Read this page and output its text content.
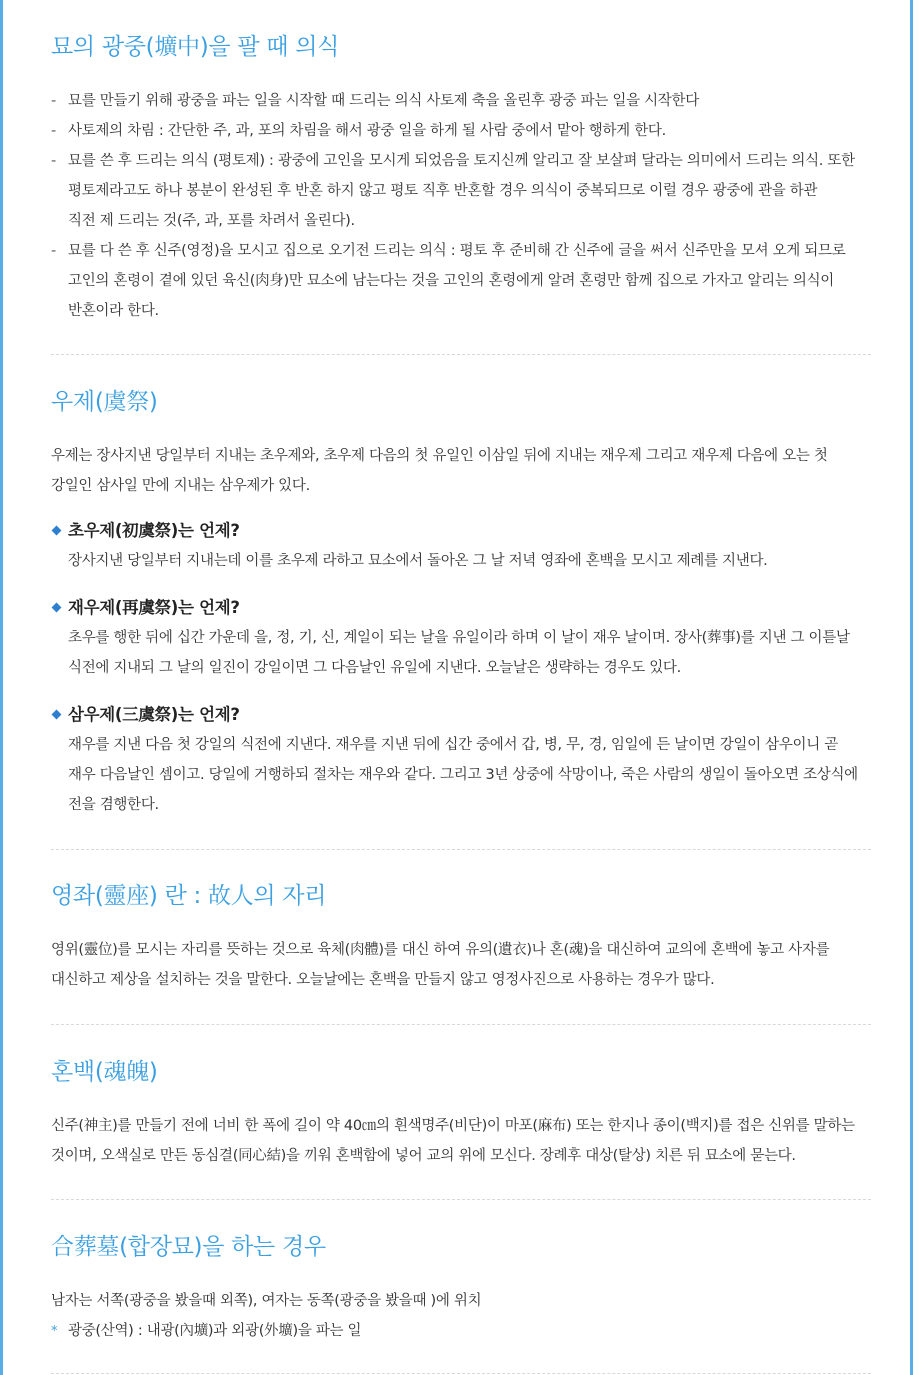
묘의 광중(壙中)을 팔 때 의식
- 묘를 만들기 위해 광중을 파는 일을 시작할 때 드리는 의식 사토제 축을 올린후 광중 파는 일을 시작한다
- 사토제의 차림 : 간단한 주, 과, 포의 차림을 해서 광중 일을 하게 될 사람 중에서 맡아 행하게 한다.
- 묘를 쓴 후 드리는 의식 (평토제) : 광중에 고인을 모시게 되었음을 토지신께 알리고 잘 보살펴 달라는 의미에서 드리는 의식. 또한
평토제라고도 하나 봉분이 완성된 후 반혼 하지 않고 평토 직후 반혼할 경우 의식이 중복되므로 이럴 경우 광중에 관을 하관
직전 제 드리는 것(주, 과, 포를 차려서 올린다).
- 묘를 다 쓴 후 신주(영정)을 모시고 집으로 오기전 드리는 의식 : 평토 후 준비해 간 신주에 글을 써서 신주만을 모셔 오게 되므로
고인의 혼령이 곁에 있던 육신(肉身)만 묘소에 남는다는 것을 고인의 혼령에게 알려 혼령만 함께 집으로 가자고 알리는 의식이
반혼이라 한다.
우제(虞祭)

우제는 장사지낸 당일부터 지내는 초우제와, 초우제 다음의 첫 유일인 이삼일 뒤에 지내는 재우제 그리고 재우제 다음에 오는 첫
강일인 삼사일 만에 지내는 삼우제가 있다.

초우제(初虞祭)는 언제?
장사지낸 당일부터 지내는데 이를 초우제 라하고 묘소에서 돌아온 그 날 저녁 영좌에 혼백을 모시고 제례를 지낸다.
재우제(再虞祭)는 언제?
초우를 행한 뒤에 십간 가운데 을, 정, 기, 신, 계일이 되는 날을 유일이라 하며 이 날이 재우 날이며. 장사(葬事)를 지낸 그 이튿날
식전에 지내되 그 날의 일진이 강일이면 그 다음날인 유일에 지낸다. 오늘날은 생략하는 경우도 있다.
삼우제(三虞祭)는 언제?
재우를 지낸 다음 첫 강일의 식전에 지낸다. 재우를 지낸 뒤에 십간 중에서 갑, 병, 무, 경, 임일에 든 날이면 강일이 삼우이니 곧
재우 다음날인 셈이고. 당일에 거행하되 절차는 재우와 같다. 그리고 3년 상중에 삭망이나, 죽은 사람의 생일이 돌아오면 조상식에
전을 겸행한다.
영좌(靈座) 란 : 故人의 자리

영위(靈位)를 모시는 자리를 뜻하는 것으로 육체(肉體)를 대신 하여 유의(遺衣)나 혼(魂)을 대신하여 교의에 혼백에 놓고 사자를
대신하고 제상을 설치하는 것을 말한다. 오늘날에는 혼백을 만들지 않고 영정사진으로 사용하는 경우가 많다.

혼백(魂魄)

신주(神主)를 만들기 전에 너비 한 폭에 길이 약 40㎝의 흰색명주(비단)이 마포(麻布) 또는 한지나 종이(백지)를 접은 신위를 말하는
것이며, 오색실로 만든 동심결(同心結)을 끼워 혼백함에 넣어 교의 위에 모신다. 장례후 대상(탈상) 치른 뒤 묘소에 묻는다.

合葬墓(합장묘)을 하는 경우

남자는 서쪽(광중을 봤을때 외쪽), 여자는 동쪽(광중을 봤을때 )에 위치

* 광중(산역) : 내광(內壙)과 외광(外壙)을 파는 일
